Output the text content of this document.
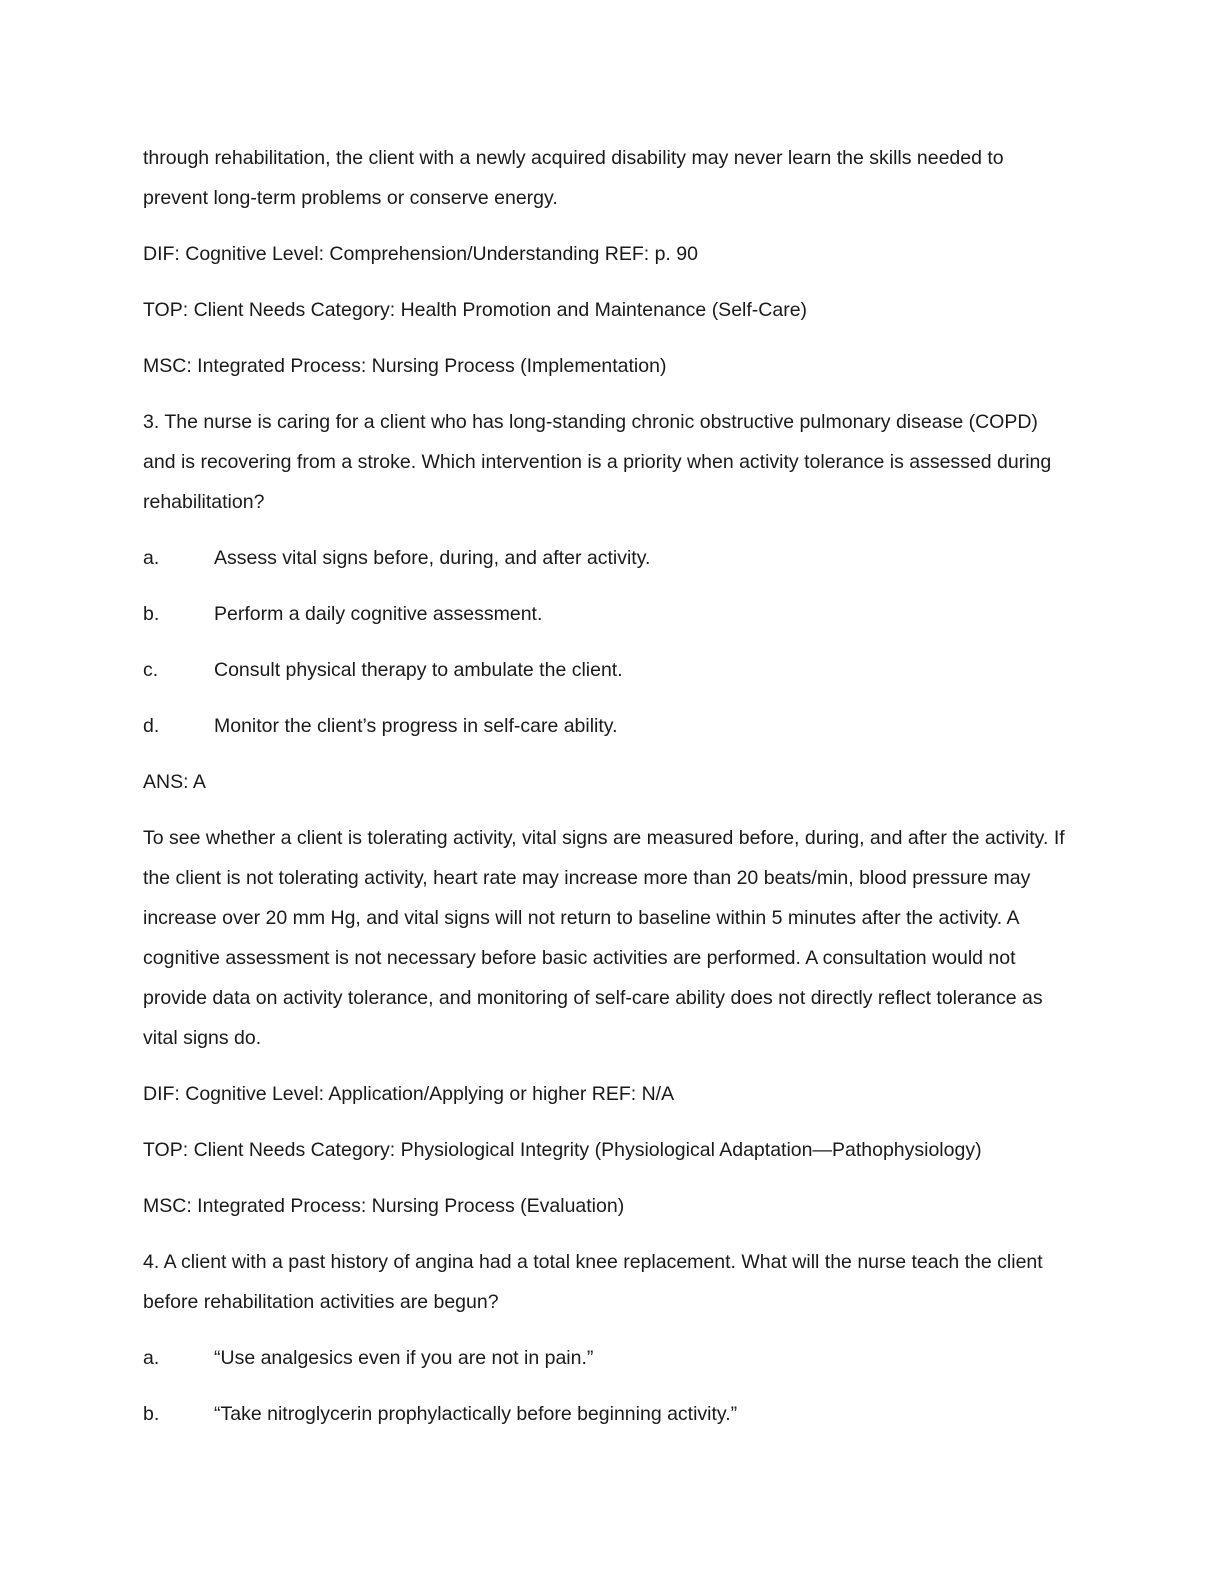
through rehabilitation, the client with a newly acquired disability may never learn the skills needed to prevent long-term problems or conserve energy.

DIF: Cognitive Level: Comprehension/Understanding REF: p. 90

TOP: Client Needs Category: Health Promotion and Maintenance (Self-Care)

MSC: Integrated Process: Nursing Process (Implementation)

3. The nurse is caring for a client who has long-standing chronic obstructive pulmonary disease (COPD) and is recovering from a stroke. Which intervention is a priority when activity tolerance is assessed during rehabilitation?

a.	Assess vital signs before, during, and after activity.
b.	Perform a daily cognitive assessment.
c.	Consult physical therapy to ambulate the client.
d.	Monitor the client’s progress in self-care ability.

ANS: A

To see whether a client is tolerating activity, vital signs are measured before, during, and after the activity. If the client is not tolerating activity, heart rate may increase more than 20 beats/min, blood pressure may increase over 20 mm Hg, and vital signs will not return to baseline within 5 minutes after the activity. A cognitive assessment is not necessary before basic activities are performed. A consultation would not provide data on activity tolerance, and monitoring of self-care ability does not directly reflect tolerance as vital signs do.

DIF: Cognitive Level: Application/Applying or higher REF: N/A

TOP: Client Needs Category: Physiological Integrity (Physiological Adaptation—Pathophysiology)

MSC: Integrated Process: Nursing Process (Evaluation)

4. A client with a past history of angina had a total knee replacement. What will the nurse teach the client before rehabilitation activities are begun?

a.	“Use analgesics even if you are not in pain.”
b.	“Take nitroglycerin prophylactically before beginning activity.”
